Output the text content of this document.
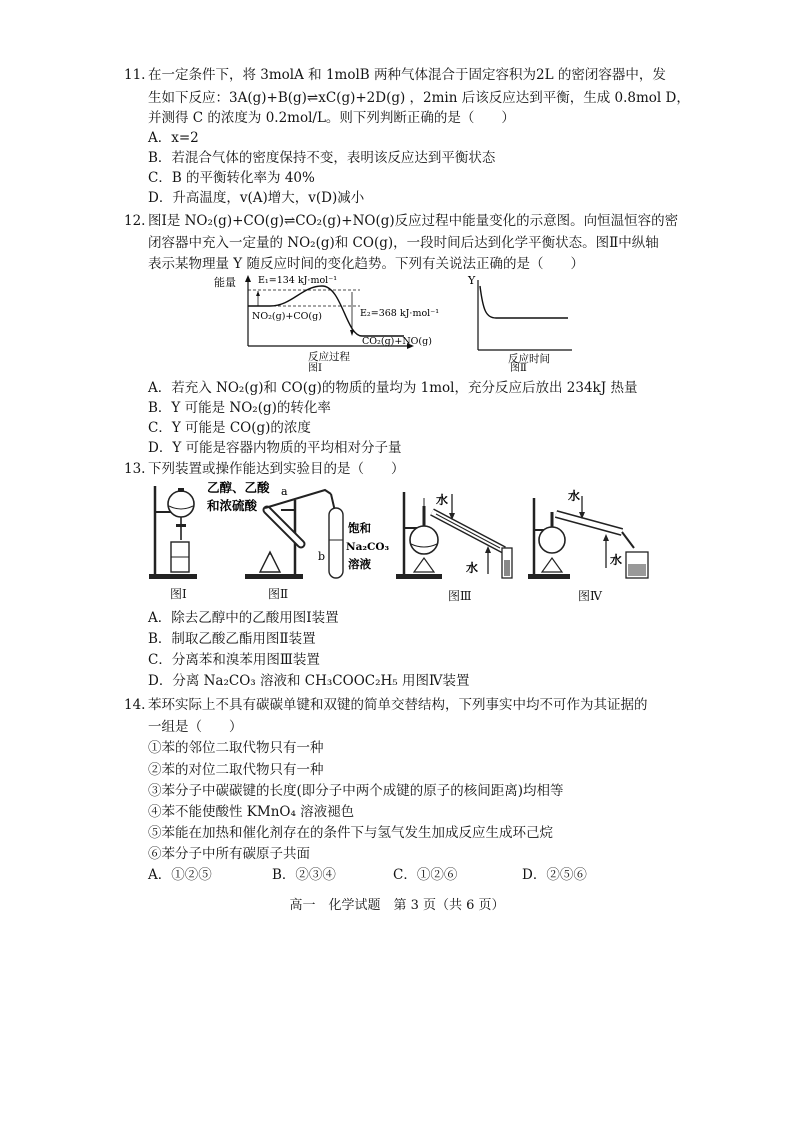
11. 在一定条件下，将 3molA 和 1molB 两种气体混合于固定容积为2L 的密闭容器中，发
生如下反应：3A(g)+B(g)⇌xC(g)+2D(g) ，2min 后该反应达到平衡，生成 0.8mol D，
并测得 C 的浓度为 0.2mol/L。则下列判断正确的是（　　）
A．x=2
B．若混合气体的密度保持不变，表明该反应达到平衡状态
C．B 的平衡转化率为 40%
D．升高温度，v(A)增大，v(D)减小
12. 图Ⅰ是 NO₂(g)+CO(g)⇌CO₂(g)+NO(g)反应过程中能量变化的示意图。向恒温恒容的密
闭容器中充入一定量的 NO₂(g)和 CO(g)，一段时间后达到化学平衡状态。图Ⅱ中纵轴
表示某物理量 Y 随反应时间的变化趋势。下列有关说法正确的是（　　）
能量 E₁=134 kJ·mol⁻¹
NO₂(g)+CO(g)	E₂=368 kJ·mol⁻¹
CO₂(g)+NO(g)
反应过程
图Ⅰ
Y
反应时间
图Ⅱ
A．若充入 NO₂(g)和 CO(g)的物质的量均为 1mol，充分反应后放出 234kJ 热量
B．Y 可能是 NO₂(g)的转化率
C．Y 可能是 CO(g)的浓度
D．Y 可能是容器内物质的平均相对分子量
13. 下列装置或操作能达到实验目的是（　　）
图Ⅰ
乙醇、乙酸
和浓硫酸
a
b
饱和
Na₂CO₃
溶液
图Ⅱ
水
水
图Ⅲ
水
水
图Ⅳ
A．除去乙醇中的乙酸用图Ⅰ装置
B．制取乙酸乙酯用图Ⅱ装置
C．分离苯和溴苯用图Ⅲ装置
D．分离 Na₂CO₃ 溶液和 CH₃COOC₂H₅ 用图Ⅳ装置
14. 苯环实际上不具有碳碳单键和双键的简单交替结构，下列事实中均不可作为其证据的
一组是（　　）
①苯的邻位二取代物只有一种
②苯的对位二取代物只有一种
③苯分子中碳碳键的长度(即分子中两个成键的原子的核间距离)均相等
④苯不能使酸性 KMnO₄ 溶液褪色
⑤苯能在加热和催化剂存在的条件下与氢气发生加成反应生成环己烷
⑥苯分子中所有碳原子共面
A．①②⑤	B．②③④	C．①②⑥	D．②⑤⑥
高一　化学试题　第 3 页（共 6 页）
